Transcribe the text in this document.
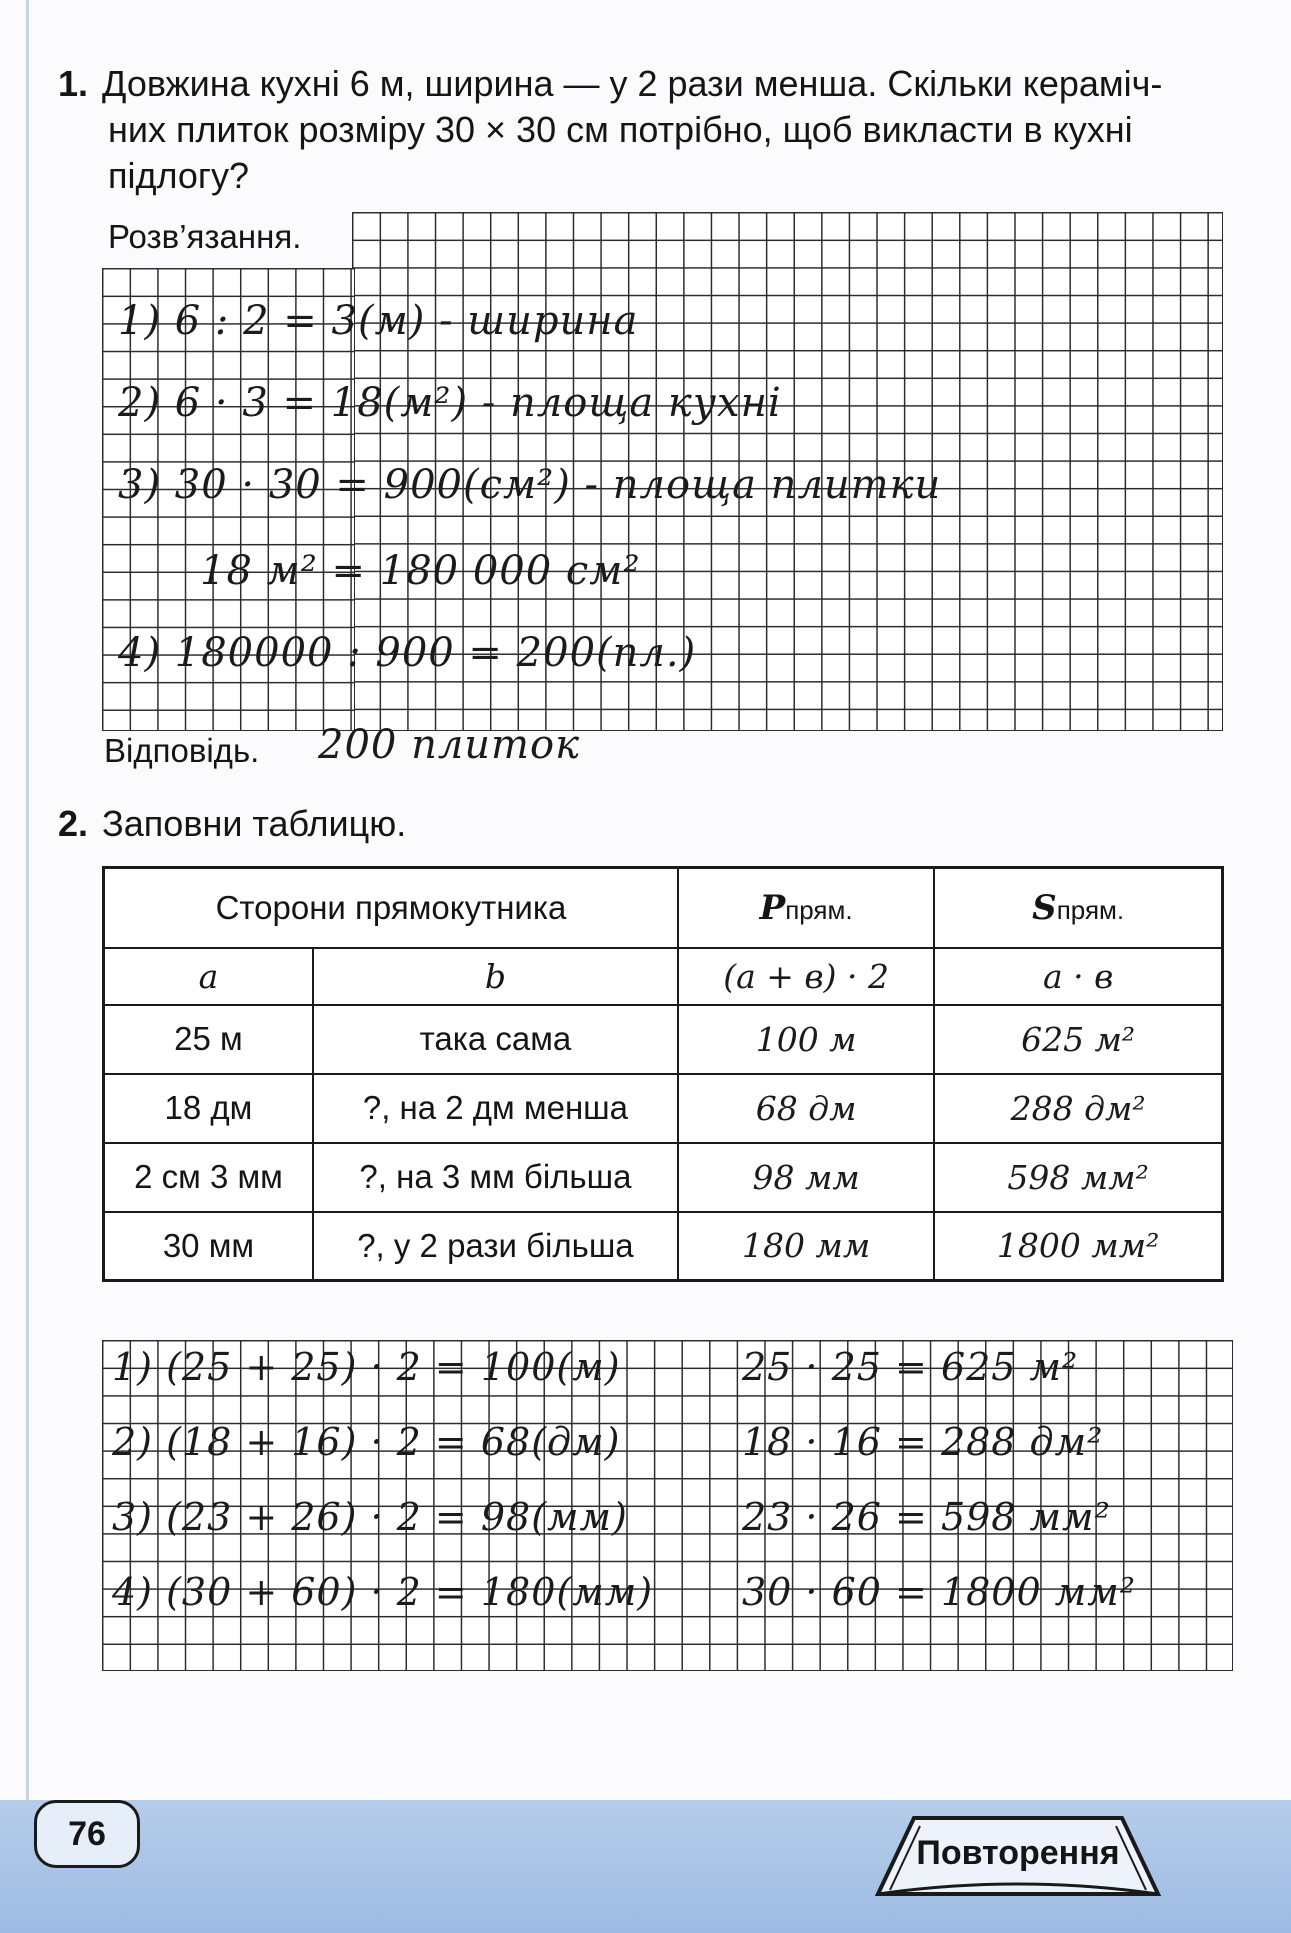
1. Довжина кухні 6 м, ширина — у 2 рази менша. Скільки кераміч-
них плиток розміру 30 × 30 см потрібно, щоб викласти в кухні
підлогу?
Розв’язання.
1) 6 : 2 = 3(м) - ширина
2) 6 · 3 = 18(м²) - площа кухні
3) 30 · 30 = 900(см²) - площа плитки
18 м² = 180 000 см²
4) 180000 : 900 = 200(пл.)
Відповідь. 200 плиток
2. Заповни таблицю.
Сторони прямокутника		Pпрям.	Sпрям.
a	b	(a + в) · 2	a · в
25 м	така сама	100 м	625 м²
18 дм	?, на 2 дм менша	68 дм	288 дм²
2 см 3 мм	?, на 3 мм більша	98 мм	598 мм²
30 мм	?, у 2 рази більша	180 мм	1800 мм²
1) (25 + 25) · 2 = 100(м)	25 · 25 = 625 м²
2) (18 + 16) · 2 = 68(дм)	18 · 16 = 288 дм²
3) (23 + 26) · 2 = 98(мм)	23 · 26 = 598 мм²
4) (30 + 60) · 2 = 180(мм) 30 · 60 = 1800 мм²
76	Повторення
